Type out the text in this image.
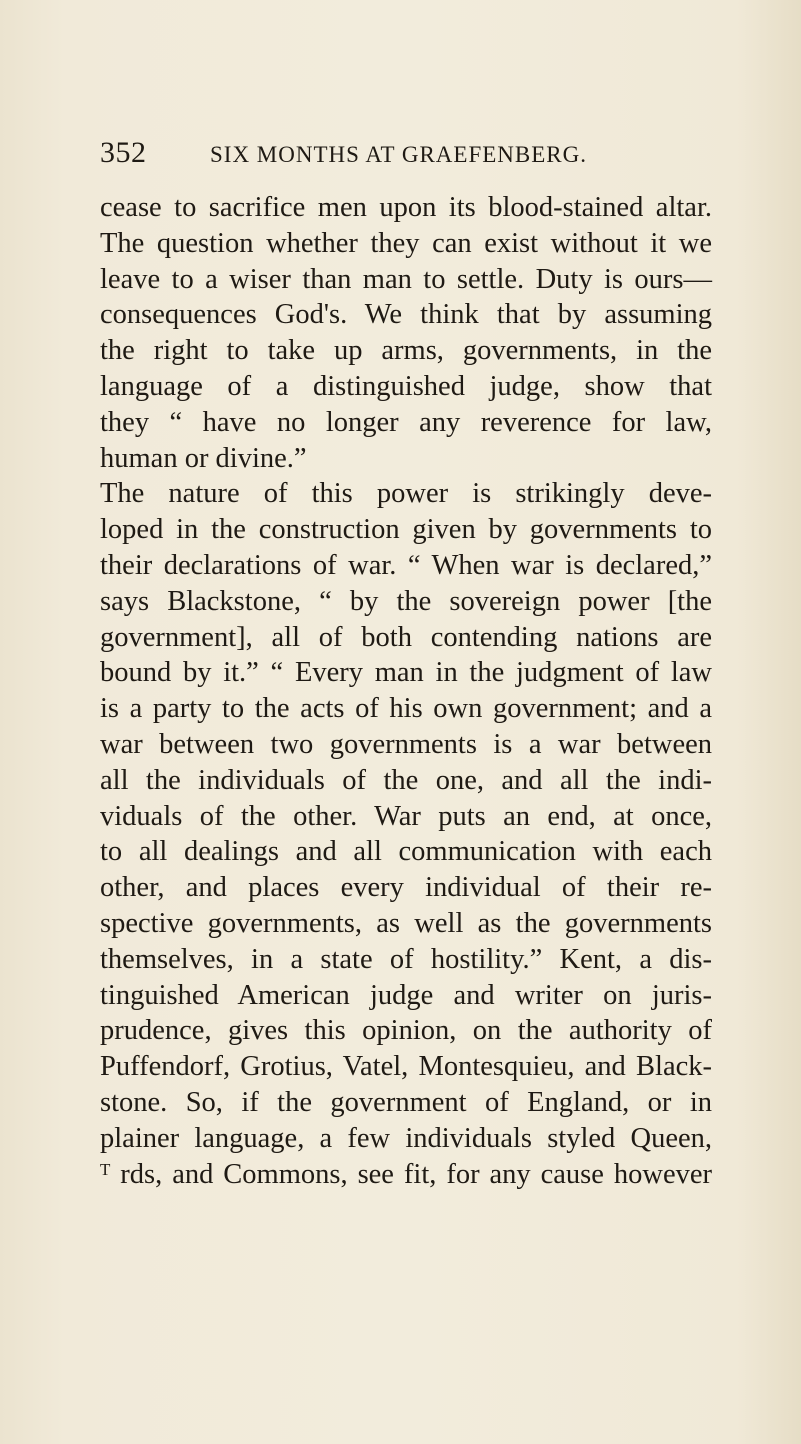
352	SIX MONTHS AT GRAEFENBERG.
cease to sacrifice men upon its blood-stained altar.
The question whether they can exist without it we
leave to a wiser than man to settle. Duty is ours—
consequences God's. We think that by assuming
the right to take up arms, governments, in the
language of a distinguished judge, show that
they “ have no longer any reverence for law,
human or divine.”
The nature of this power is strikingly deve-
loped in the construction given by governments to
their declarations of war. “ When war is declared,”
says Blackstone, “ by the sovereign power [the
government], all of both contending nations are
bound by it.” “ Every man in the judgment of law
is a party to the acts of his own government; and a
war between two governments is a war between
all the individuals of the one, and all the indi-
viduals of the other. War puts an end, at once,
to all dealings and all communication with each
other, and places every individual of their re-
spective governments, as well as the governments
themselves, in a state of hostility.” Kent, a dis-
tinguished American judge and writer on juris-
prudence, gives this opinion, on the authority of
Puffendorf, Grotius, Vatel, Montesquieu, and Black-
stone. So, if the government of England, or in
plainer language, a few individuals styled Queen,
ᵀ rds, and Commons, see fit, for any cause however
